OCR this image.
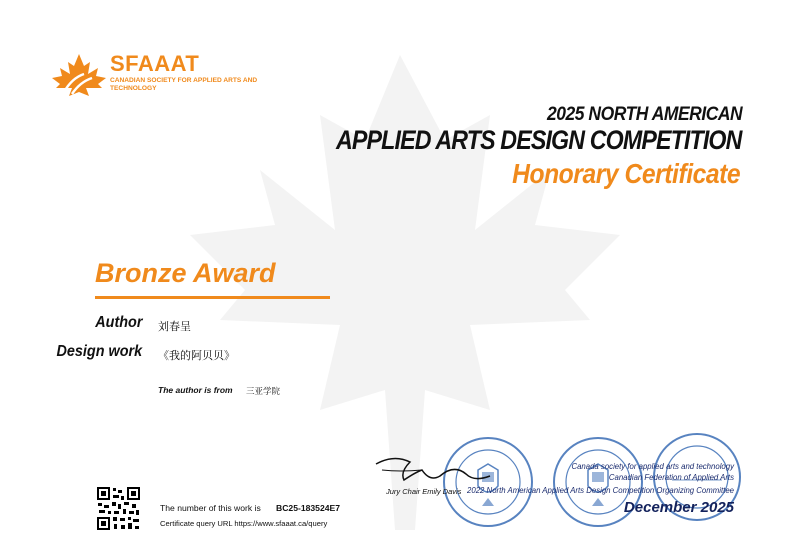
SFAAAT
CANADIAN SOCIETY FOR APPLIED ARTS AND TECHNOLOGY
2025 NORTH AMERICAN
APPLIED ARTS DESIGN COMPETITION
Honorary Certificate
Bronze Award
Author 刘春呈
Design work 《我的阿贝贝》
The author is from 三亚学院
The number of this work is BC25-183524E7
Certificate query URL https://www.sfaaat.ca/query
Jury Chair Emily Davis
Canada society for applied arts and technology
Canadian Federation of Applied Arts
2022 North American Applied Arts Design Competition Organizing Committee
December 2025
